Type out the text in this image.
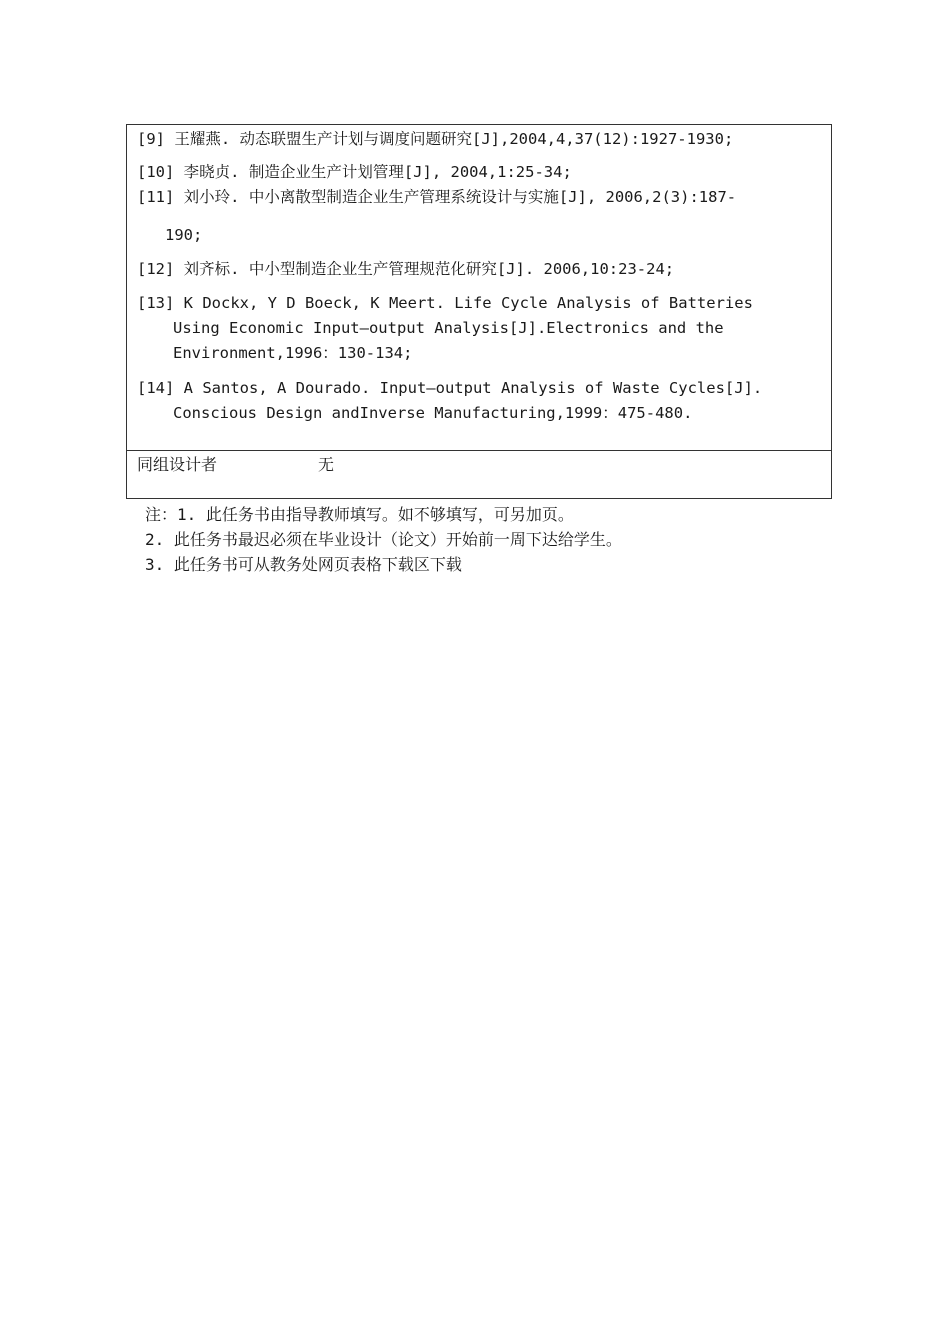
[9] 王耀燕. 动态联盟生产计划与调度问题研究[J],2004,4,37(12):1927-1930;
[10] 李晓贞. 制造企业生产计划管理[J], 2004,1:25-34;
[11] 刘小玲. 中小离散型制造企业生产管理系统设计与实施[J], 2006,2(3):187-
190;
[12] 刘齐标. 中小型制造企业生产管理规范化研究[J]. 2006,10:23-24;
[13] K Dockx, Y D Boeck, K Meert. Life Cycle Analysis of Batteries
Using Economic Input—output Analysis[J].Electronics and the
Environment,1996：130-134;
[14] A Santos, A Dourado. Input—output Analysis of Waste Cycles[J].
Conscious Design andInverse Manufacturing,1999：475-480.
同组设计者	无
注：1. 此任务书由指导教师填写。如不够填写，可另加页。
2. 此任务书最迟必须在毕业设计（论文）开始前一周下达给学生。
3. 此任务书可从教务处网页表格下载区下载
